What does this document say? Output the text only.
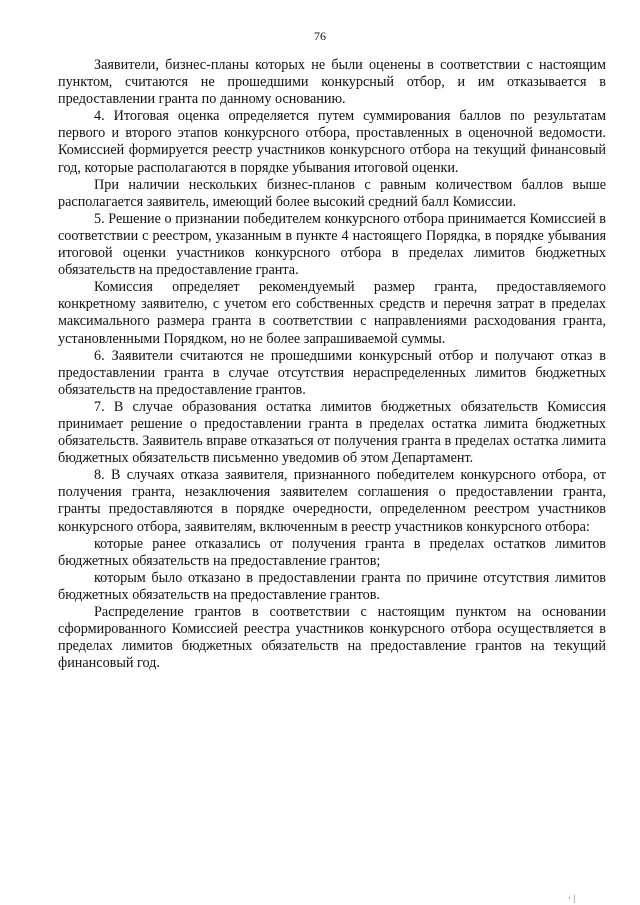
76

Заявители, бизнес-планы которых не были оценены в соответствии с настоящим пунктом, считаются не прошедшими конкурсный отбор, и им отказывается в предоставлении гранта по данному основанию.

4. Итоговая оценка определяется путем суммирования баллов по результатам первого и второго этапов конкурсного отбора, проставленных в оценочной ведомости. Комиссией формируется реестр участников конкурсного отбора на текущий финансовый год, которые располагаются в порядке убывания итоговой оценки.

При наличии нескольких бизнес-планов с равным количеством баллов выше располагается заявитель, имеющий более высокий средний балл Комиссии.

5. Решение о признании победителем конкурсного отбора принимается Комиссией в соответствии с реестром, указанным в пункте 4 настоящего Порядка, в порядке убывания итоговой оценки участников конкурсного отбора в пределах лимитов бюджетных обязательств на предоставление гранта.

Комиссия определяет рекомендуемый размер гранта, предоставляемого конкретному заявителю, с учетом его собственных средств и перечня затрат в пределах максимального размера гранта в соответствии с направлениями расходования гранта, установленными Порядком, но не более запрашиваемой суммы.

6. Заявители считаются не прошедшими конкурсный отбор и получают отказ в предоставлении гранта в случае отсутствия нераспределенных лимитов бюджетных обязательств на предоставление грантов.

7. В случае образования остатка лимитов бюджетных обязательств Комиссия принимает решение о предоставлении гранта в пределах остатка лимита бюджетных обязательств. Заявитель вправе отказаться от получения гранта в пределах остатка лимита бюджетных обязательств письменно уведомив об этом Департамент.

8. В случаях отказа заявителя, признанного победителем конкурсного отбора, от получения гранта, незаключения заявителем соглашения о предоставлении гранта, гранты предоставляются в порядке очередности, определенном реестром участников конкурсного отбора, заявителям, включенным в реестр участников конкурсного отбора:

которые ранее отказались от получения гранта в пределах остатков лимитов бюджетных обязательств на предоставление грантов;

которым было отказано в предоставлении гранта по причине отсутствия лимитов бюджетных обязательств на предоставление грантов.

Распределение грантов в соответствии с настоящим пунктом на основании сформированного Комиссией реестра участников конкурсного отбора осуществляется в пределах лимитов бюджетных обязательств на предоставление грантов на текущий финансовый год.

· |
